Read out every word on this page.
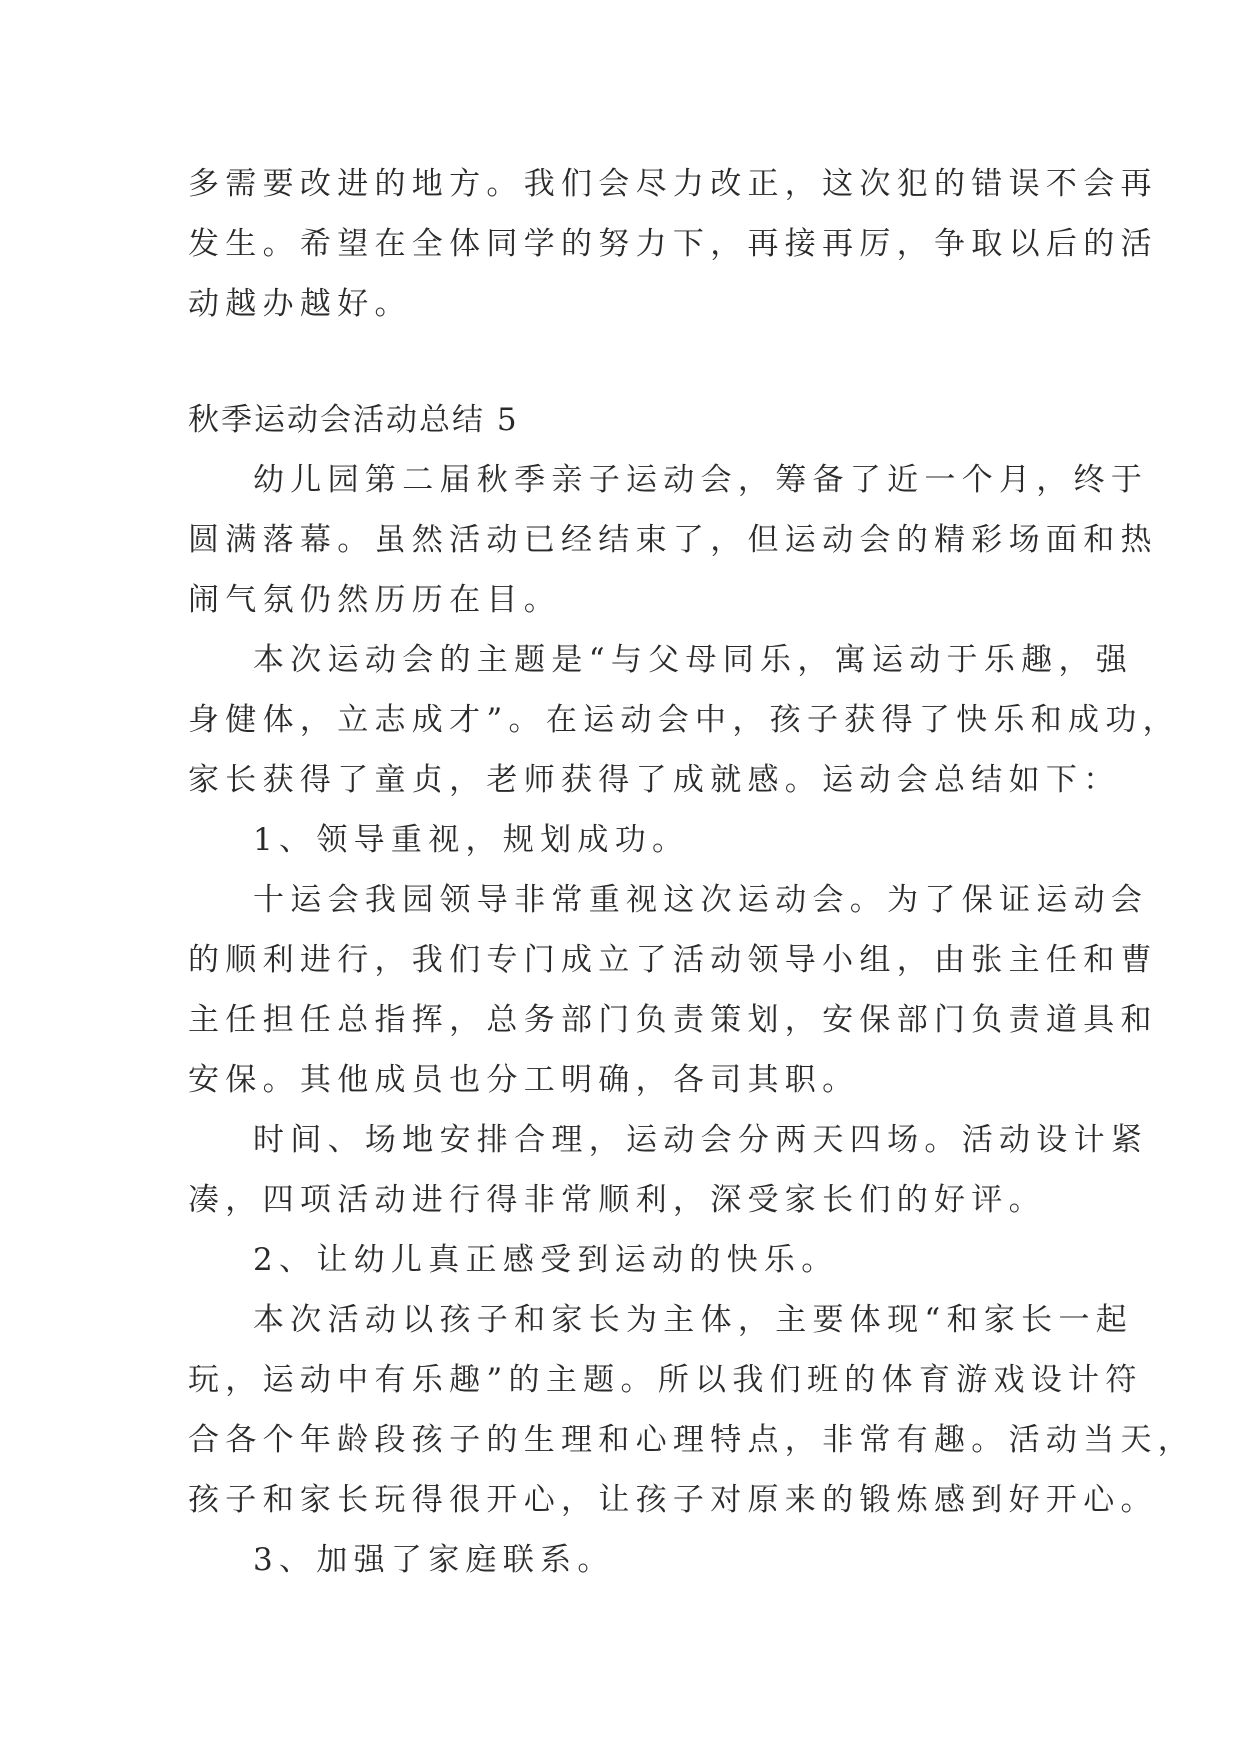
多需要改进的地方。我们会尽力改正，这次犯的错误不会再
发生。希望在全体同学的努力下，再接再厉，争取以后的活
动越办越好。
秋季运动会活动总结 5
幼儿园第二届秋季亲子运动会，筹备了近一个月，终于
圆满落幕。虽然活动已经结束了，但运动会的精彩场面和热
闹气氛仍然历历在目。
本次运动会的主题是“与父母同乐，寓运动于乐趣，强
身健体，立志成才”。在运动会中，孩子获得了快乐和成功，
家长获得了童贞，老师获得了成就感。运动会总结如下：
1、领导重视，规划成功。
十运会我园领导非常重视这次运动会。为了保证运动会
的顺利进行，我们专门成立了活动领导小组，由张主任和曹
主任担任总指挥，总务部门负责策划，安保部门负责道具和
安保。其他成员也分工明确，各司其职。
时间、场地安排合理，运动会分两天四场。活动设计紧
凑，四项活动进行得非常顺利，深受家长们的好评。
2、让幼儿真正感受到运动的快乐。
本次活动以孩子和家长为主体，主要体现“和家长一起
玩，运动中有乐趣”的主题。所以我们班的体育游戏设计符
合各个年龄段孩子的生理和心理特点，非常有趣。活动当天，
孩子和家长玩得很开心，让孩子对原来的锻炼感到好开心。
3、加强了家庭联系。
